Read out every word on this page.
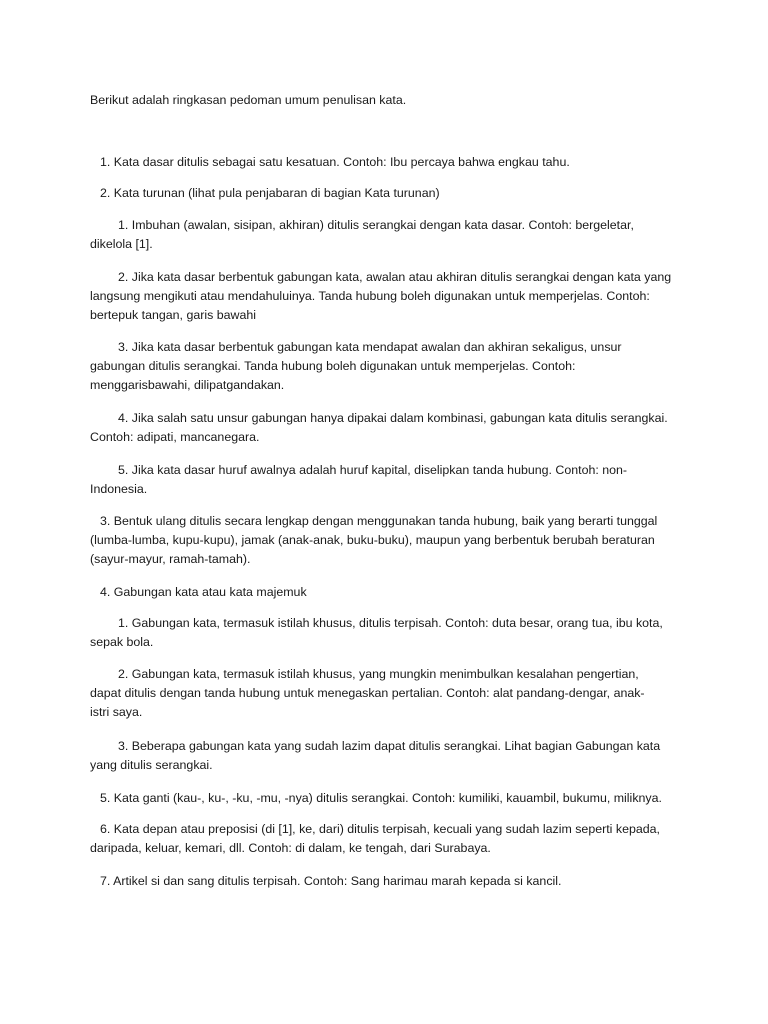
Berikut adalah ringkasan pedoman umum penulisan kata.
1. Kata dasar ditulis sebagai satu kesatuan. Contoh: Ibu percaya bahwa engkau tahu.
2. Kata turunan (lihat pula penjabaran di bagian Kata turunan)
1. Imbuhan (awalan, sisipan, akhiran) ditulis serangkai dengan kata dasar. Contoh: bergeletar,
dikelola [1].
2. Jika kata dasar berbentuk gabungan kata, awalan atau akhiran ditulis serangkai dengan kata yang
langsung mengikuti atau mendahuluinya. Tanda hubung boleh digunakan untuk memperjelas. Contoh:
bertepuk tangan, garis bawahi
3. Jika kata dasar berbentuk gabungan kata mendapat awalan dan akhiran sekaligus, unsur
gabungan ditulis serangkai. Tanda hubung boleh digunakan untuk memperjelas. Contoh:
menggarisbawahi, dilipatgandakan.
4. Jika salah satu unsur gabungan hanya dipakai dalam kombinasi, gabungan kata ditulis serangkai.
Contoh: adipati, mancanegara.
5. Jika kata dasar huruf awalnya adalah huruf kapital, diselipkan tanda hubung. Contoh: non-
Indonesia.
3. Bentuk ulang ditulis secara lengkap dengan menggunakan tanda hubung, baik yang berarti tunggal
(lumba-lumba, kupu-kupu), jamak (anak-anak, buku-buku), maupun yang berbentuk berubah beraturan
(sayur-mayur, ramah-tamah).
4. Gabungan kata atau kata majemuk
1. Gabungan kata, termasuk istilah khusus, ditulis terpisah. Contoh: duta besar, orang tua, ibu kota,
sepak bola.
2. Gabungan kata, termasuk istilah khusus, yang mungkin menimbulkan kesalahan pengertian,
dapat ditulis dengan tanda hubung untuk menegaskan pertalian. Contoh: alat pandang-dengar, anak-
istri saya.
3. Beberapa gabungan kata yang sudah lazim dapat ditulis serangkai. Lihat bagian Gabungan kata
yang ditulis serangkai.
5. Kata ganti (kau-, ku-, -ku, -mu, -nya) ditulis serangkai. Contoh: kumiliki, kauambil, bukumu, miliknya.
6. Kata depan atau preposisi (di [1], ke, dari) ditulis terpisah, kecuali yang sudah lazim seperti kepada,
daripada, keluar, kemari, dll. Contoh: di dalam, ke tengah, dari Surabaya.
7. Artikel si dan sang ditulis terpisah. Contoh: Sang harimau marah kepada si kancil.
